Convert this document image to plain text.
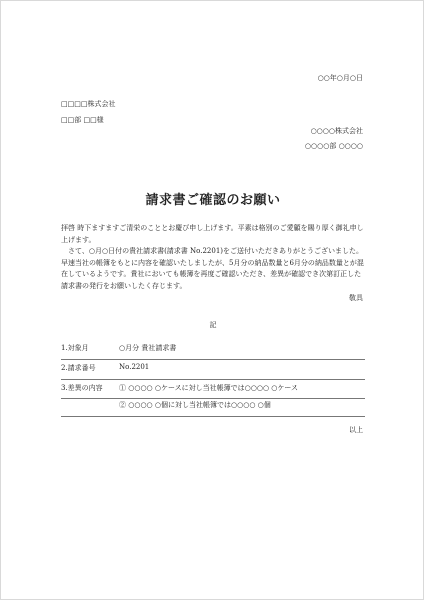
○○年○月○日
□□□□株式会社
□□部 □□様
○○○○株式会社
○○○○部 ○○○○
請求書ご確認のお願い

拝啓 時下ますますご清栄のこととお慶び申し上げます。平素は格別のご愛顧を賜り厚く御礼申し上げます。

さて、○月○日付の貴社請求書(請求書 No.2201)をご送付いただきありがとうございました。早速当社の帳簿をもとに内容を確認いたしましたが、5月分の納品数量と6月分の納品数量とが混在しているようです。貴社においても帳簿を再度ご確認いただき、差異が確認でき次第訂正した請求書の発行をお願いしたく存じます。

敬具
記
1.対象月	○月分 貴社請求書
2.請求番号	No.2201
3.差異の内容 ① ○○○○ ○ケースに対し当社帳簿では○○○○ ○ケース
② ○○○○ ○個に対し当社帳簿では○○○○ ○個
以上
